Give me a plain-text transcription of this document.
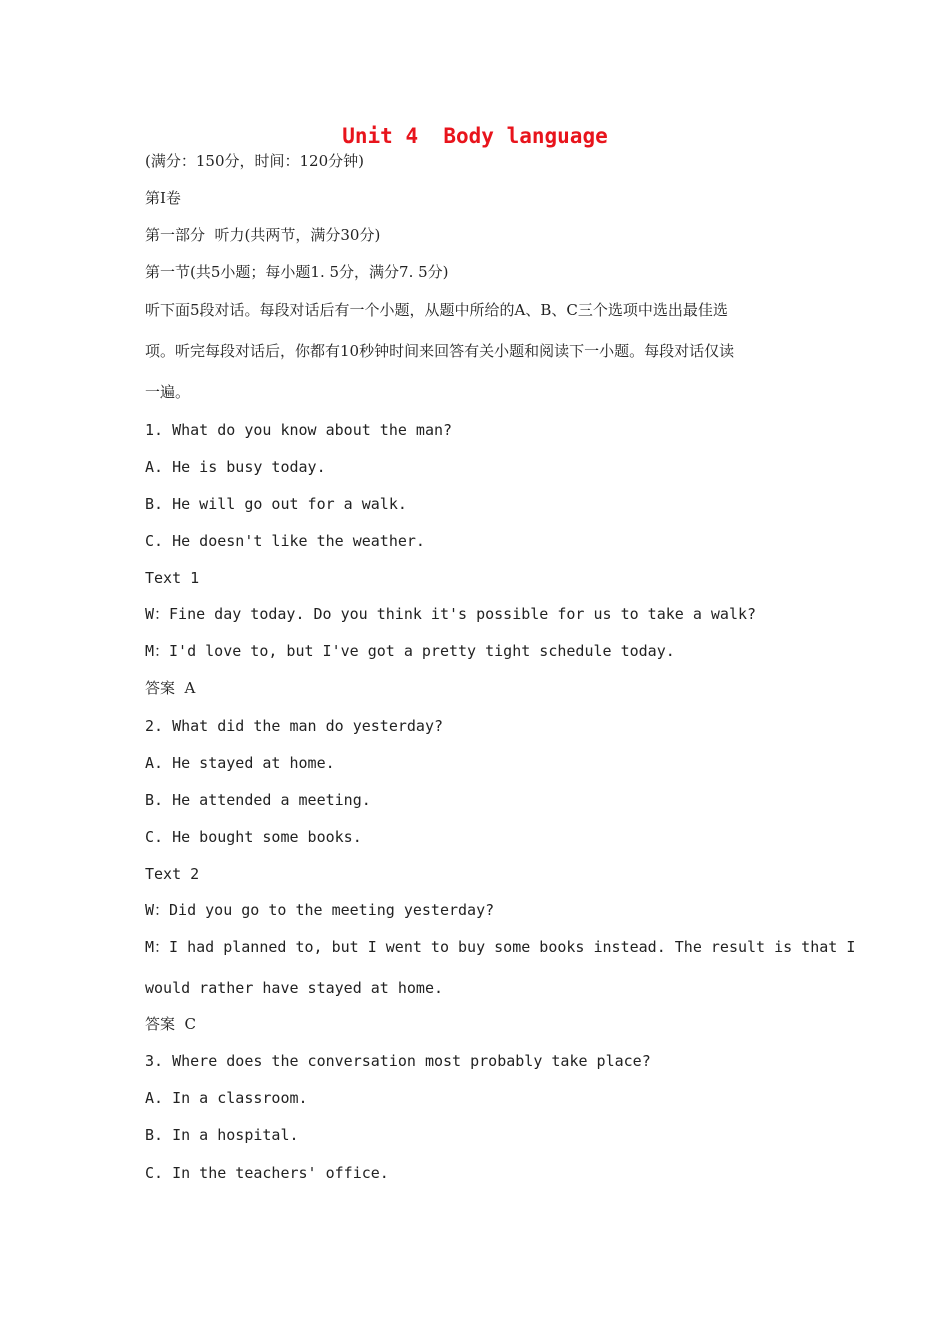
Unit 4  Body language
(满分：150分，时间：120分钟)
第Ⅰ卷
第一部分  听力(共两节，满分30分)
第一节(共5小题；每小题1. 5分，满分7. 5分)
听下面5段对话。每段对话后有一个小题，从题中所给的A、B、C三个选项中选出最佳选
项。听完每段对话后，你都有10秒钟时间来回答有关小题和阅读下一小题。每段对话仅读
一遍。
1. What do you know about the man?
A. He is busy today.
B. He will go out for a walk.
C. He doesn't like the weather.
Text 1
W：Fine day today. Do you think it's possible for us to take a walk?
M：I'd love to, but I've got a pretty tight schedule today.
答案  A
2. What did the man do yesterday?
A. He stayed at home.
B. He attended a meeting.
C. He bought some books.
Text 2
W：Did you go to the meeting yesterday?
M：I had planned to, but I went to buy some books instead. The result is that I
would rather have stayed at home.
答案  C
3. Where does the conversation most probably take place?
A. In a classroom.
B. In a hospital.
C. In the teachers' office.
